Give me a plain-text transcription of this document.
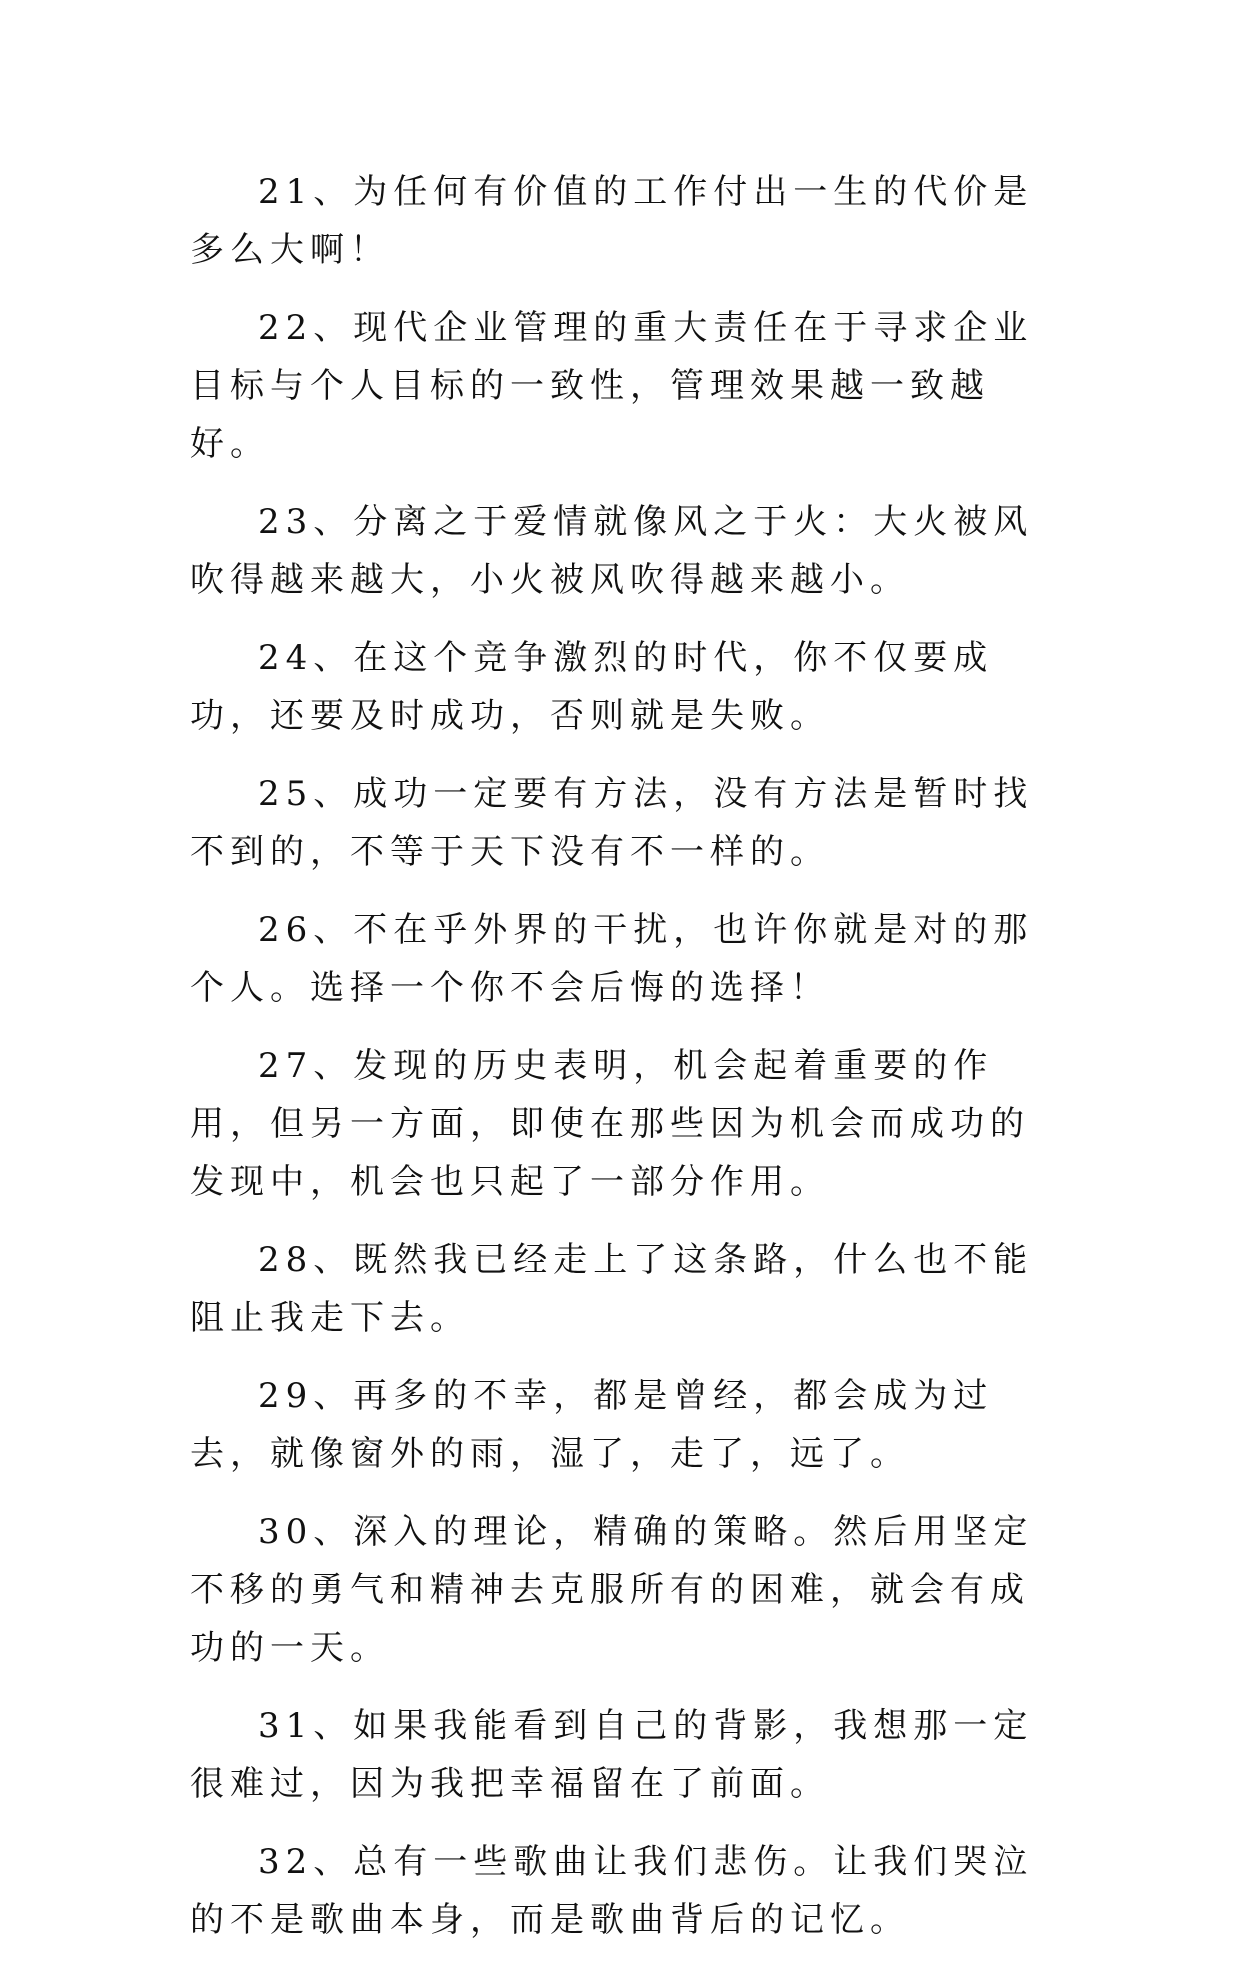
21、为任何有价值的工作付出一生的代价是多么大啊！

22、现代企业管理的重大责任在于寻求企业目标与个人目标的一致性，管理效果越一致越好。

23、分离之于爱情就像风之于火：大火被风吹得越来越大，小火被风吹得越来越小。

24、在这个竞争激烈的时代，你不仅要成功，还要及时成功，否则就是失败。

25、成功一定要有方法，没有方法是暂时找不到的，不等于天下没有不一样的。

26、不在乎外界的干扰，也许你就是对的那个人。选择一个你不会后悔的选择！

27、发现的历史表明，机会起着重要的作用，但另一方面，即使在那些因为机会而成功的发现中，机会也只起了一部分作用。

28、既然我已经走上了这条路，什么也不能阻止我走下去。

29、再多的不幸，都是曾经，都会成为过去，就像窗外的雨，湿了，走了，远了。

30、深入的理论，精确的策略。然后用坚定不移的勇气和精神去克服所有的困难，就会有成功的一天。

31、如果我能看到自己的背影，我想那一定很难过，因为我把幸福留在了前面。

32、总有一些歌曲让我们悲伤。让我们哭泣的不是歌曲本身，而是歌曲背后的记忆。
